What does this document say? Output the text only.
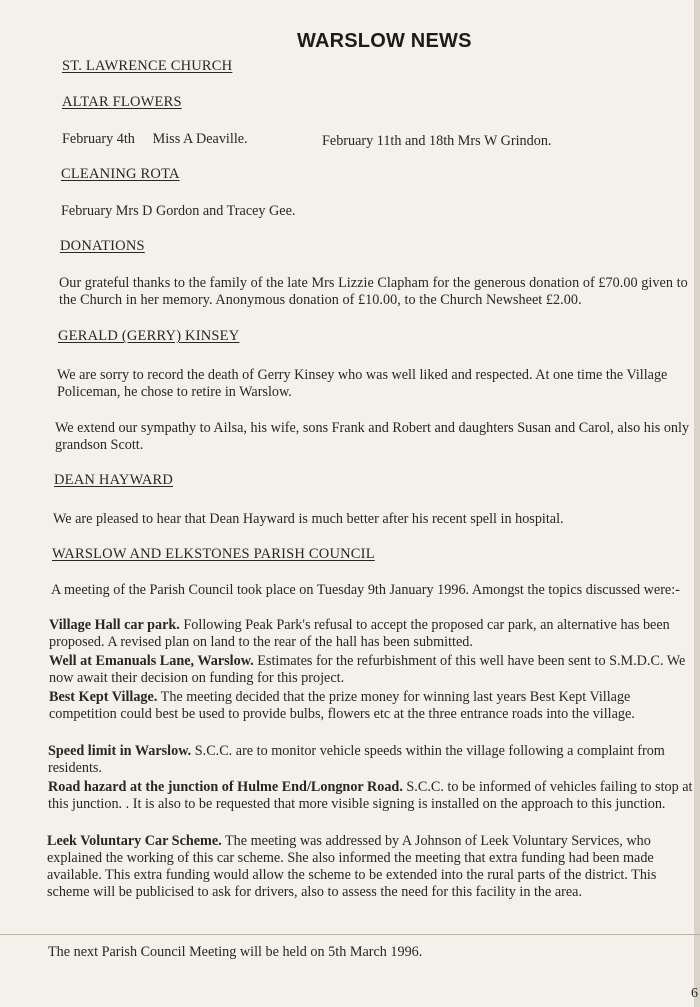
WARSLOW NEWS

ST. LAWRENCE CHURCH

ALTAR FLOWERS

February 4th     Miss A Deaville.	February 11th and 18th Mrs W Grindon.

CLEANING ROTA

February Mrs D Gordon and Tracey Gee.

DONATIONS

Our grateful thanks to the family of the late Mrs Lizzie Clapham for the generous donation of £70.00 given to the Church in her memory. Anonymous donation of £10.00, to the Church Newsheet £2.00.

GERALD (GERRY) KINSEY

We are sorry to record the death of Gerry Kinsey who was well liked and respected. At one time the Village Policeman, he chose to retire in Warslow.

We extend our sympathy to Ailsa, his wife, sons Frank and Robert and daughters Susan and Carol, also his only grandson Scott.

DEAN HAYWARD

We are pleased to hear that Dean Hayward is much better after his recent spell in hospital.

WARSLOW AND ELKSTONES PARISH COUNCIL

A meeting of the Parish Council took place on Tuesday 9th January 1996. Amongst the topics discussed were:-

Village Hall car park. Following Peak Park's refusal to accept the proposed car park, an alternative has been proposed. A revised plan on land to the rear of the hall has been submitted.

Well at Emanuals Lane, Warslow. Estimates for the refurbishment of this well have been sent to S.M.D.C. We now await their decision on funding for this project.

Best Kept Village. The meeting decided that the prize money for winning last years Best Kept Village competition could best be used to provide bulbs, flowers etc at the three entrance roads into the village.

Speed limit in Warslow. S.C.C. are to monitor vehicle speeds within the village following a complaint from residents.

Road hazard at the junction of Hulme End/Longnor Road. S.C.C. to be informed of vehicles failing to stop at this junction. . It is also to be requested that more visible signing is installed on the approach to this junction.

Leek Voluntary Car Scheme. The meeting was addressed by A Johnson of Leek Voluntary Services, who explained the working of this car scheme. She also informed the meeting that extra funding had been made available. This extra funding would allow the scheme to be extended into the rural parts of the district. This scheme will be publicised to ask for drivers, also to assess the need for this facility in the area.

The next Parish Council Meeting will be held on 5th March 1996.

6
